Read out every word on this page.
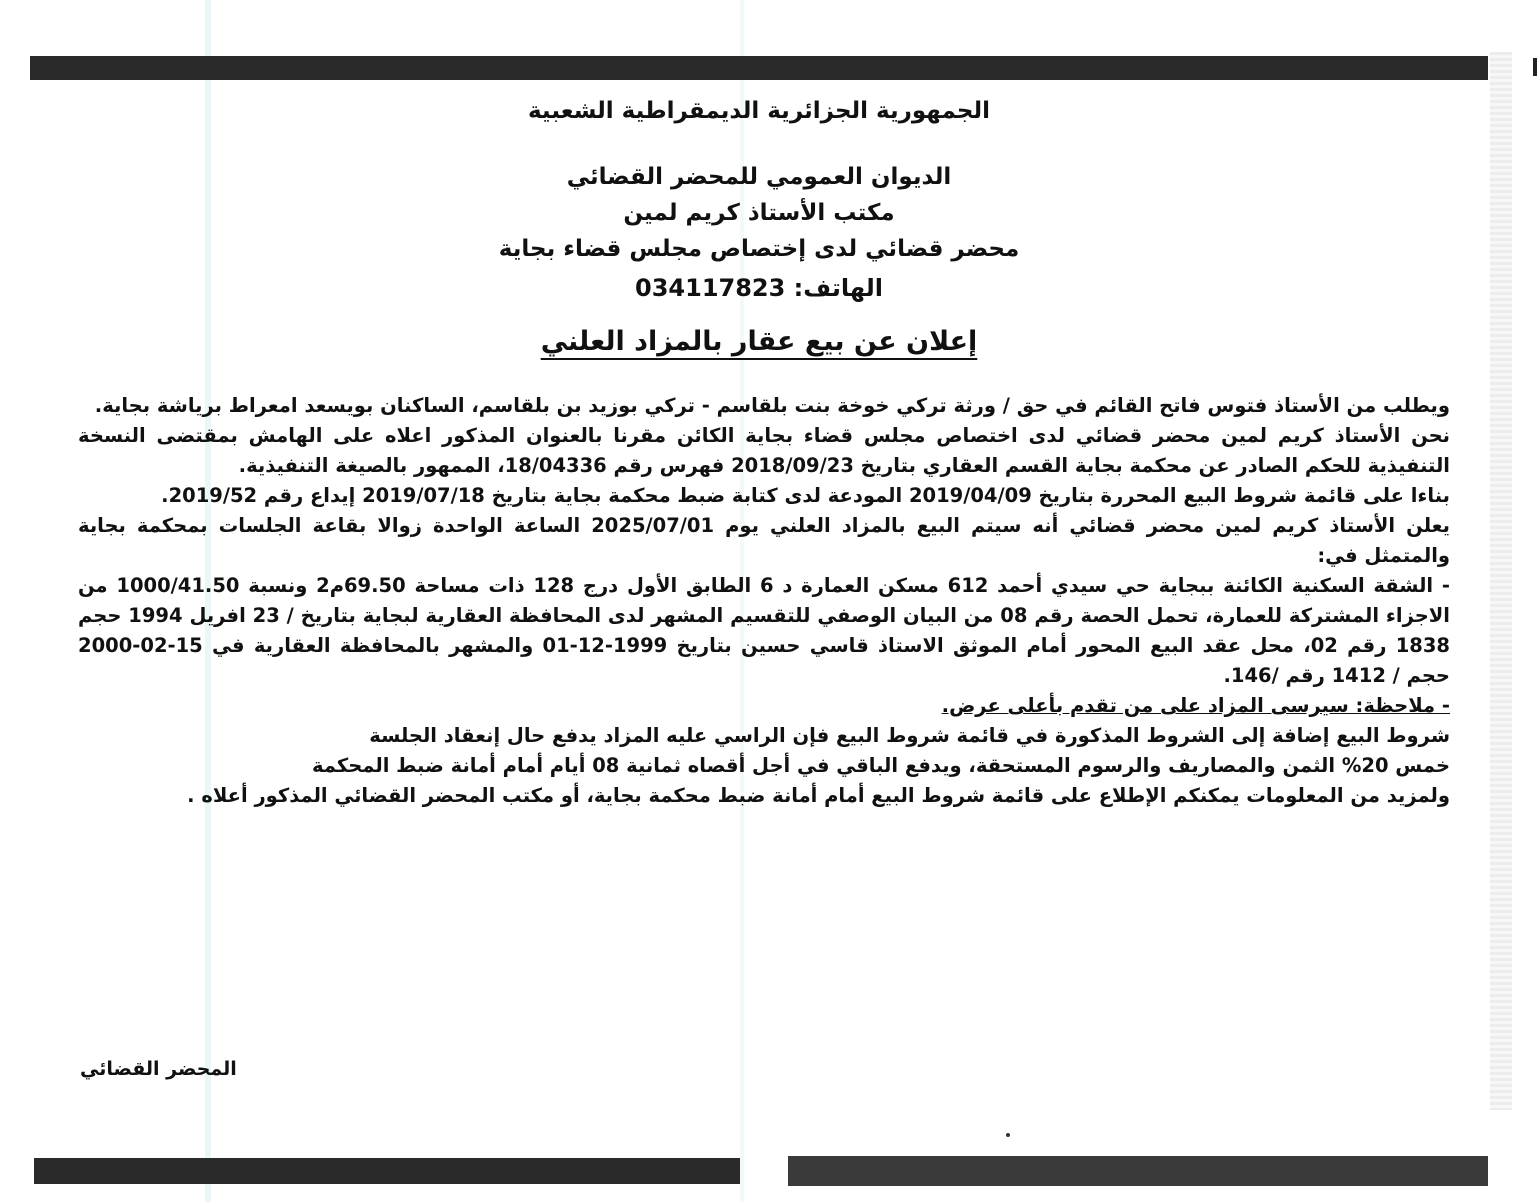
الجمهورية الجزائرية الديمقراطية الشعبية
الديوان العمومي للمحضر القضائي
مكتب الأستاذ كريم لمين
محضر قضائي لدى إختصاص مجلس قضاء بجاية
الهاتف: 034117823
إعلان عن بيع عقار بالمزاد العلني

ويطلب من الأستاذ فتوس فاتح القائم في حق / ورثة تركي خوخة بنت بلقاسم - تركي بوزيد بن بلقاسم، الساكنان بويسعد امعراط برياشة بجاية.

نحن الأستاذ كريم لمين محضر قضائي لدى اختصاص مجلس قضاء بجاية الكائن مقرنا بالعنوان المذكور اعلاه على الهامش بمقتضى النسخة التنفيذية للحكم الصادر عن محكمة بجاية القسم العقاري بتاريخ 2018/09/23 فهرس رقم 18/04336، الممهور بالصيغة التنفيذية.

بناءا على قائمة شروط البيع المحررة بتاريخ 2019/04/09 المودعة لدى كتابة ضبط محكمة بجاية بتاريخ 2019/07/18 إيداع رقم 2019/52.

يعلن الأستاذ كريم لمين محضر قضائي أنه سيتم البيع بالمزاد العلني يوم 2025/07/01 الساعة الواحدة زوالا بقاعة الجلسات بمحكمة بجاية والمتمثل في:

- الشقة السكنية الكائنة ببجاية حي سيدي أحمد 612 مسكن العمارة د 6 الطابق الأول درج 128 ذات مساحة 69.50م2 ونسبة 1000/41.50 من الاجزاء المشتركة للعمارة، تحمل الحصة رقم 08 من البيان الوصفي للتقسيم المشهر لدى المحافظة العقارية لبجاية بتاريخ / 23 افريل 1994 حجم 1838 رقم 02، محل عقد البيع المحور أمام الموثق الاستاذ قاسي حسين بتاريخ 1999-12-01 والمشهر بالمحافظة العقارية في 15-02-2000 حجم / 1412 رقم /146.

- ملاحظة: سيرسى المزاد على من تقدم بأعلى عرض.

شروط البيع إضافة إلى الشروط المذكورة في قائمة شروط البيع فإن الراسي عليه المزاد يدفع حال إنعقاد الجلسة

خمس 20% الثمن والمصاريف والرسوم المستحقة، ويدفع الباقي في أجل أقصاه ثمانية 08 أيام أمام أمانة ضبط المحكمة

ولمزيد من المعلومات يمكنكم الإطلاع على قائمة شروط البيع أمام أمانة ضبط محكمة بجاية، أو مكتب المحضر القضائي المذكور أعلاه .

المحضر القضائي
